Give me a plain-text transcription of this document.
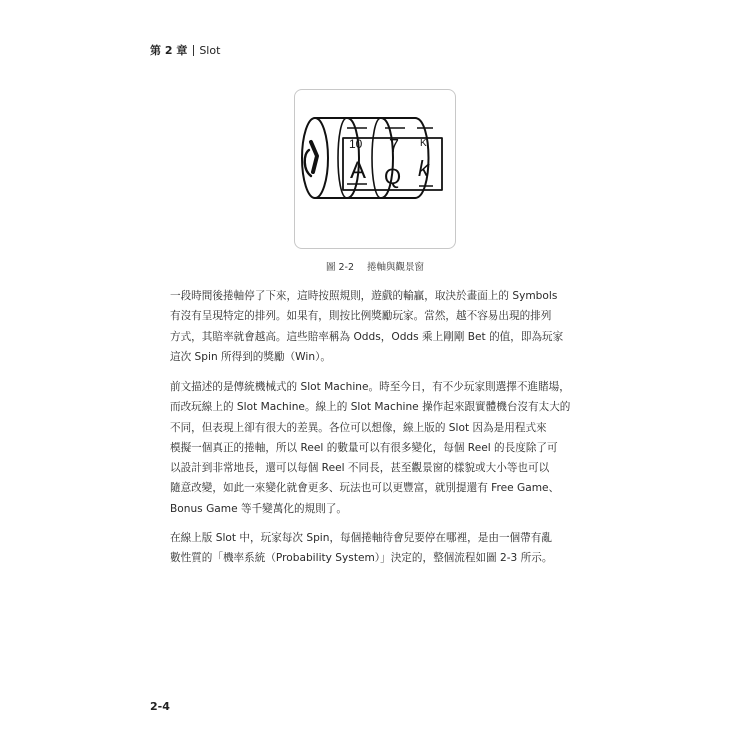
第 2 章 Slot
10
A
7
Q
K
k
圖 2-2 捲軸與觀景窗

一段時間後捲軸停了下來，這時按照規則，遊戲的輸贏，取決於畫面上的 Symbols

有沒有呈現特定的排列。如果有，則按比例獎勵玩家。當然，越不容易出現的排列

方式，其賠率就會越高。這些賠率稱為 Odds，Odds 乘上剛剛 Bet 的值，即為玩家

這次 Spin 所得到的獎勵（Win）。

前文描述的是傳統機械式的 Slot Machine。時至今日，有不少玩家則選擇不進賭場，

而改玩線上的 Slot Machine。線上的 Slot Machine 操作起來跟實體機台沒有太大的

不同，但表現上卻有很大的差異。各位可以想像，線上版的 Slot 因為是用程式來

模擬一個真正的捲軸，所以 Reel 的數量可以有很多變化，每個 Reel 的長度除了可

以設計到非常地長，還可以每個 Reel 不同長，甚至觀景窗的樣貌或大小等也可以

隨意改變，如此一來變化就會更多、玩法也可以更豐富，就別提還有 Free Game、

Bonus Game 等千變萬化的規則了。

在線上版 Slot 中，玩家每次 Spin，每個捲軸待會兒要停在哪裡，是由一個帶有亂

數性質的「機率系統（Probability System）」決定的，整個流程如圖 2-3 所示。

2-4
